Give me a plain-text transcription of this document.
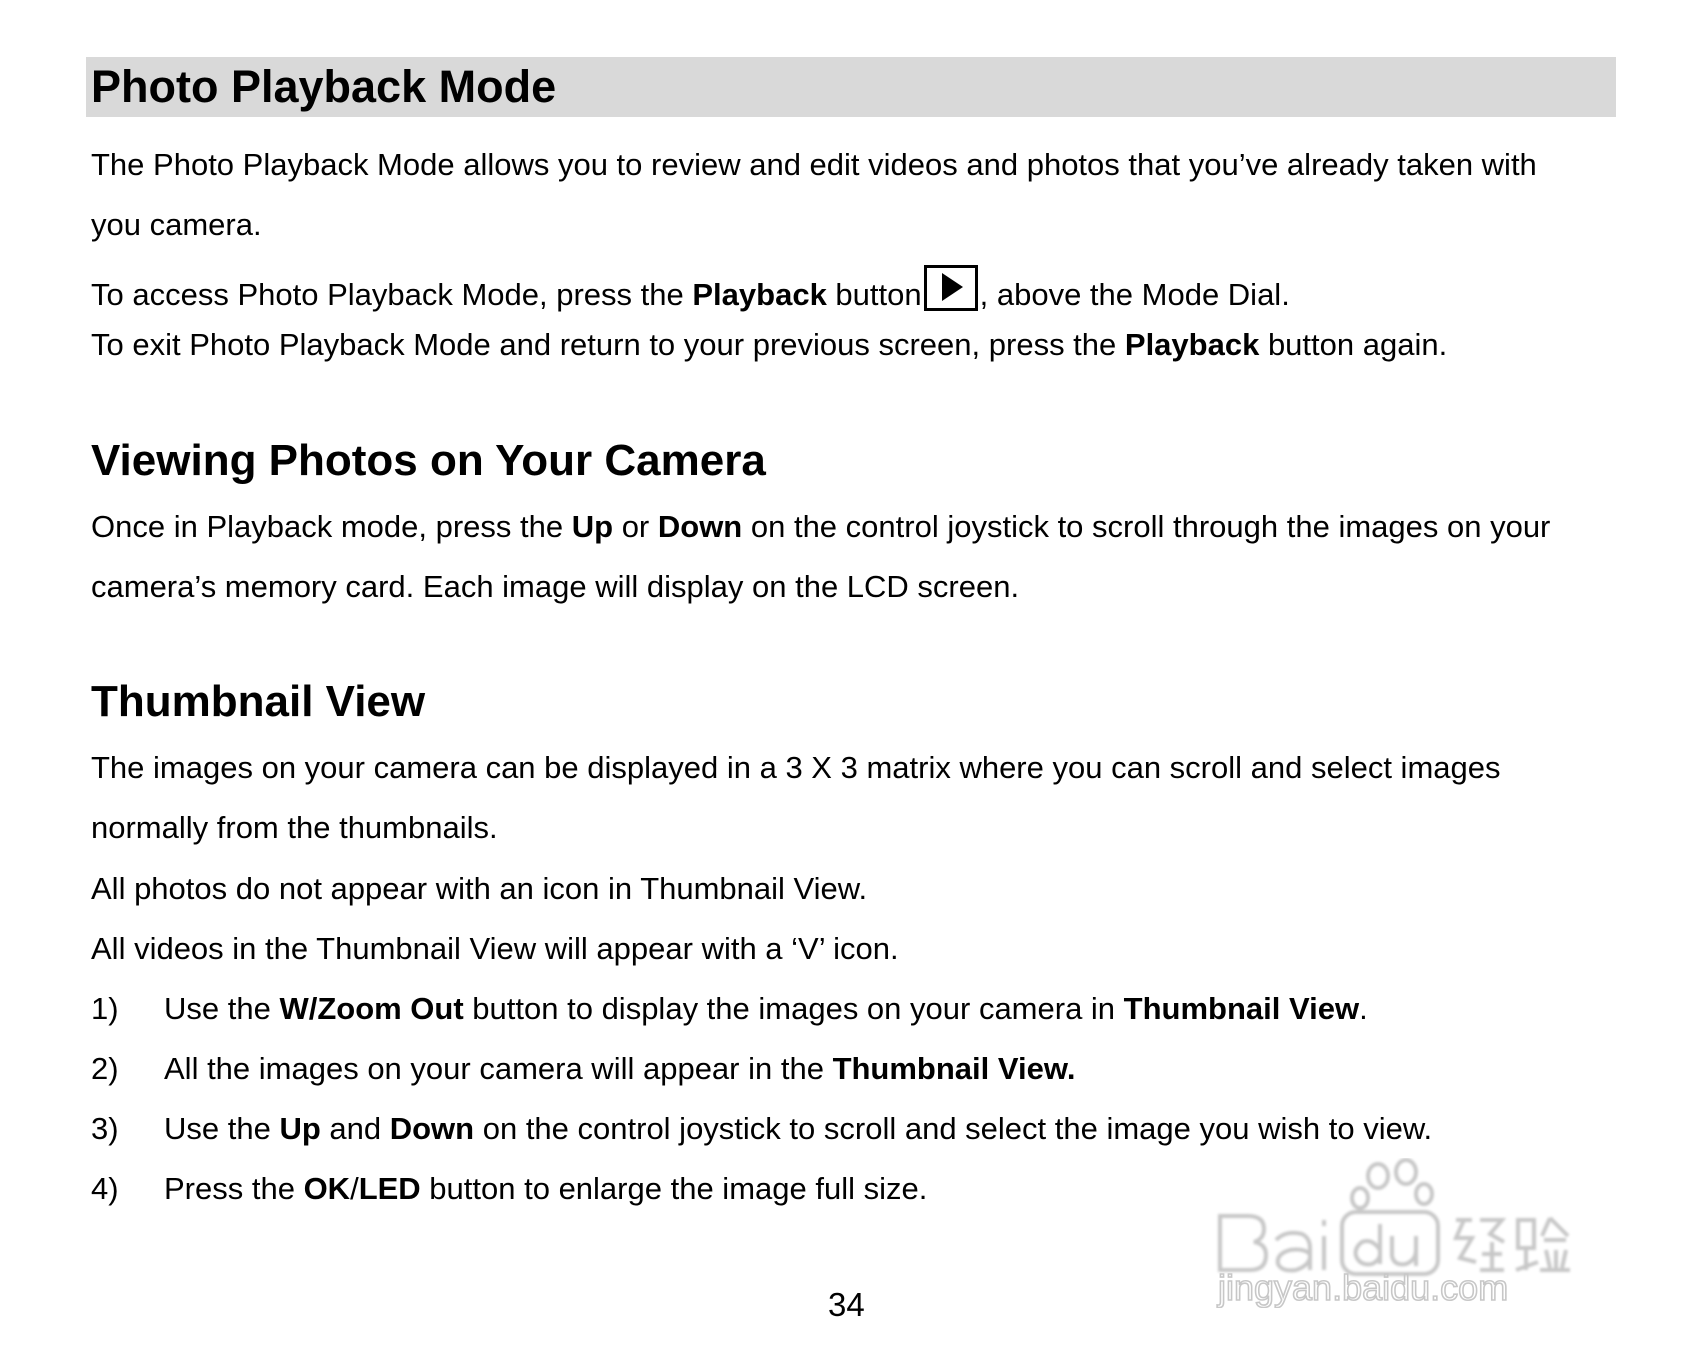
Photo Playback Mode

The Photo Playback Mode allows you to review and edit videos and photos that you’ve already taken with

you camera.

To access Photo Playback Mode, press the Playback button , above the Mode Dial.

To exit Photo Playback Mode and return to your previous screen, press the Playback button again.

Viewing Photos on Your Camera

Once in Playback mode, press the Up or Down on the control joystick to scroll through the images on your

camera’s memory card. Each image will display on the LCD screen.

Thumbnail View

The images on your camera can be displayed in a 3 X 3 matrix where you can scroll and select images

normally from the thumbnails.

All photos do not appear with an icon in Thumbnail View.

All videos in the Thumbnail View will appear with a ‘V’ icon.

1) Use the W/Zoom Out button to display the images on your camera in Thumbnail View.
2) All the images on your camera will appear in the Thumbnail View.
3) Use the Up and Down on the control joystick to scroll and select the image you wish to view.
4) Press the OK/LED button to enlarge the image full size.
34	jingyan.baidu.com
